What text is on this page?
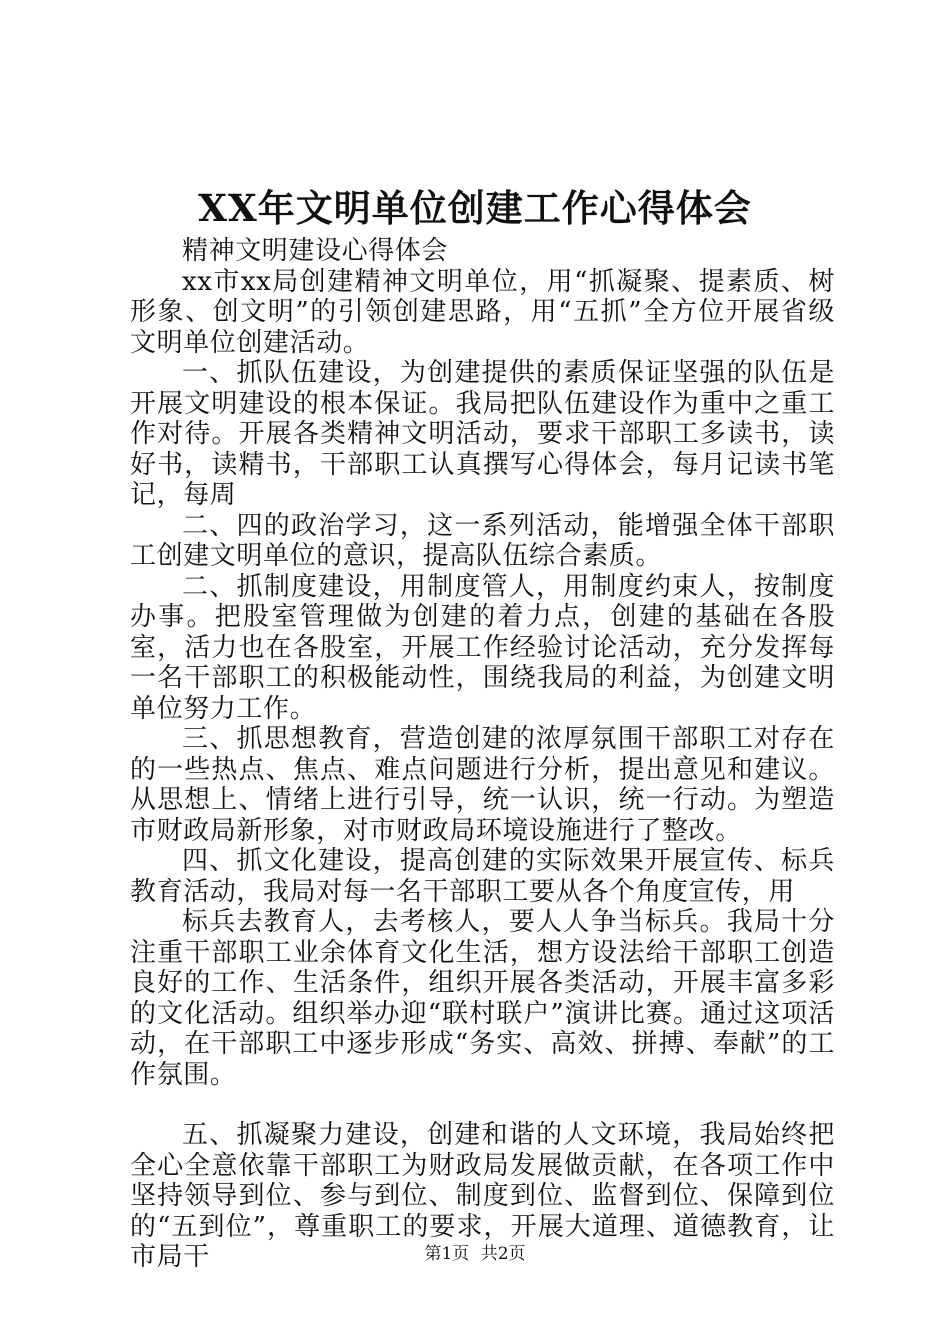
XX年文明单位创建工作心得体会

精神文明建设心得体会

xx市xx局创建精神文明单位，用“抓凝聚、提素质、树形象、创文明”的引领创建思路，用“五抓”全方位开展省级文明单位创建活动。

一、抓队伍建设，为创建提供的素质保证坚强的队伍是开展文明建设的根本保证。我局把队伍建设作为重中之重工作对待。开展各类精神文明活动，要求干部职工多读书，读好书，读精书，干部职工认真撰写心得体会，每月记读书笔记，每周

二、四的政治学习，这一系列活动，能增强全体干部职工创建文明单位的意识，提高队伍综合素质。

二、抓制度建设，用制度管人，用制度约束人，按制度办事。把股室管理做为创建的着力点，创建的基础在各股室，活力也在各股室，开展工作经验讨论活动，充分发挥每一名干部职工的积极能动性，围绕我局的利益，为创建文明单位努力工作。

三、抓思想教育，营造创建的浓厚氛围干部职工对存在的一些热点、焦点、难点问题进行分析，提出意见和建议。从思想上、情绪上进行引导，统一认识，统一行动。为塑造市财政局新形象，对市财政局环境设施进行了整改。

四、抓文化建设，提高创建的实际效果开展宣传、标兵教育活动，我局对每一名干部职工要从各个角度宣传，用

标兵去教育人，去考核人，要人人争当标兵。我局十分注重干部职工业余体育文化生活，想方设法给干部职工创造良好的工作、生活条件，组织开展各类活动，开展丰富多彩的文化活动。组织举办迎“联村联户”演讲比赛。通过这项活动，在干部职工中逐步形成“务实、高效、拼搏、奉献”的工作氛围。

五、抓凝聚力建设，创建和谐的人文环境，我局始终把全心全意依靠干部职工为财政局发展做贡献，在各项工作中坚持领导到位、参与到位、制度到位、监督到位、保障到位的“五到位”，尊重职工的要求，开展大道理、道德教育，让市局干	第1页 共2页
